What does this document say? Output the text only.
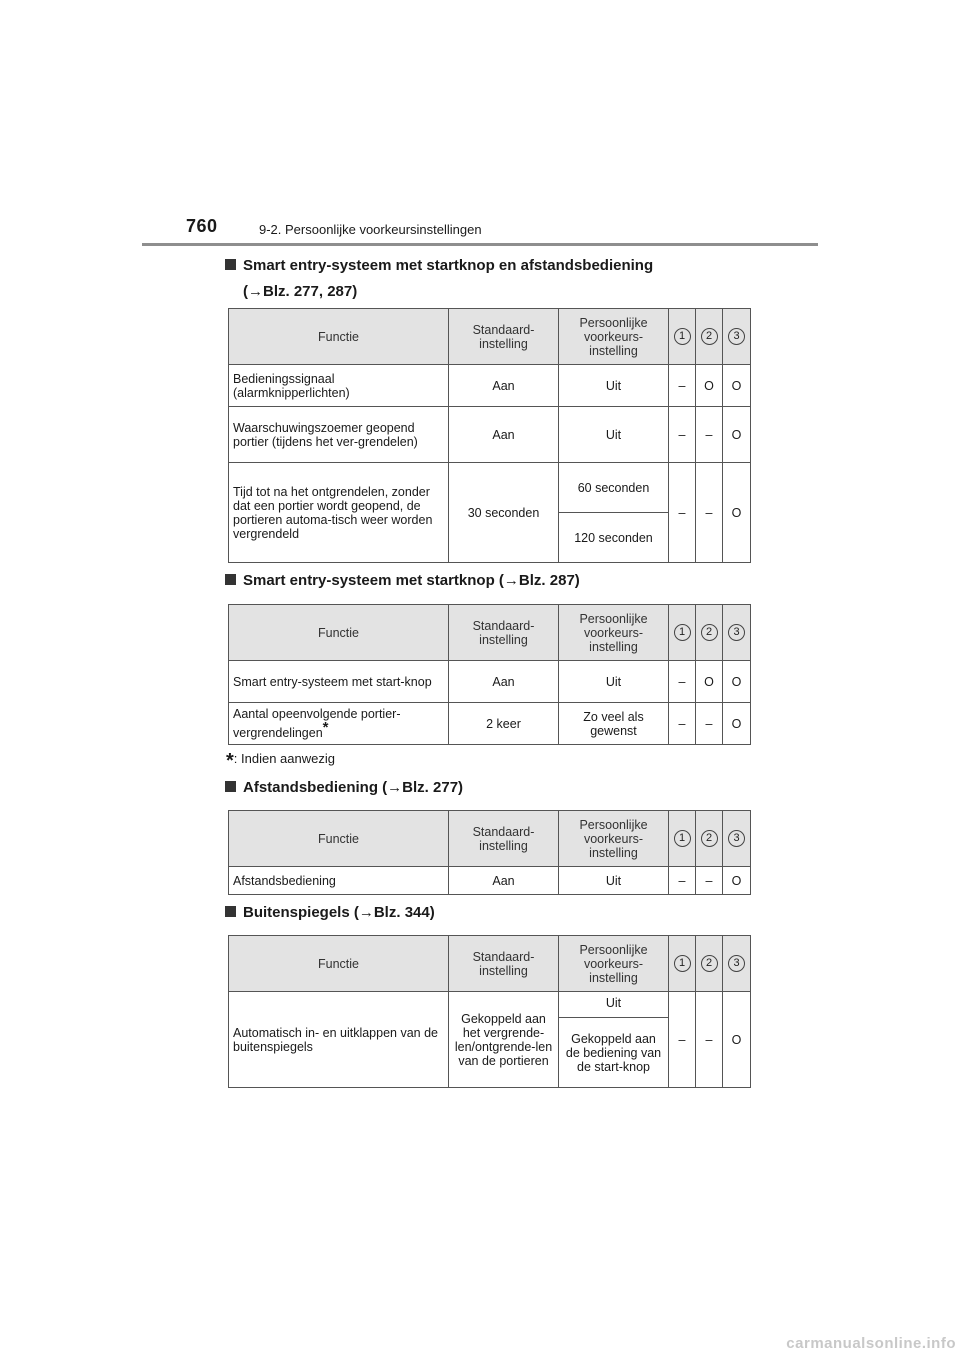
760	9-2. Persoonlijke voorkeursinstellingen
Smart entry-systeem met startknop en afstandsbediening
(→Blz. 277, 287)
Functie	Standaard-instelling	Persoonlijke voorkeurs-instelling	1	2	3
Bedieningssignaal (alarmknipperlichten)	Aan	Uit	–	O	O
Waarschuwingszoemer geopend portier (tijdens het ver-grendelen)	Aan	Uit	–	–	O
Tijd tot na het ontgrendelen, zonder dat een portier wordt geopend, de portieren automa-tisch weer worden vergrendeld	30 seconden	60 seconden	–	–	O
		120 seconden			
Smart entry-systeem met startknop (→Blz. 287)
Functie	Standaard-instelling	Persoonlijke voorkeurs-instelling	1	2	3
Smart entry-systeem met start-knop	Aan	Uit	–	O	O
Aantal opeenvolgende portier-vergrendelingen*	2 keer	Zo veel als gewenst	–	–	O
*: Indien aanwezig
Afstandsbediening (→Blz. 277)
Functie	Standaard-instelling	Persoonlijke voorkeurs-instelling	1	2	3
Afstandsbediening	Aan	Uit	–	–	O
Buitenspiegels (→Blz. 344)
Functie	Standaard-instelling	Persoonlijke voorkeurs-instelling	1	2	3
Automatisch in- en uitklappen van de buitenspiegels	Gekoppeld aan het vergrende-len/ontgrende-len van de portieren	Uit	–	–	O
		Gekoppeld aan de bediening van de start-knop			
carmanualsonline.info
